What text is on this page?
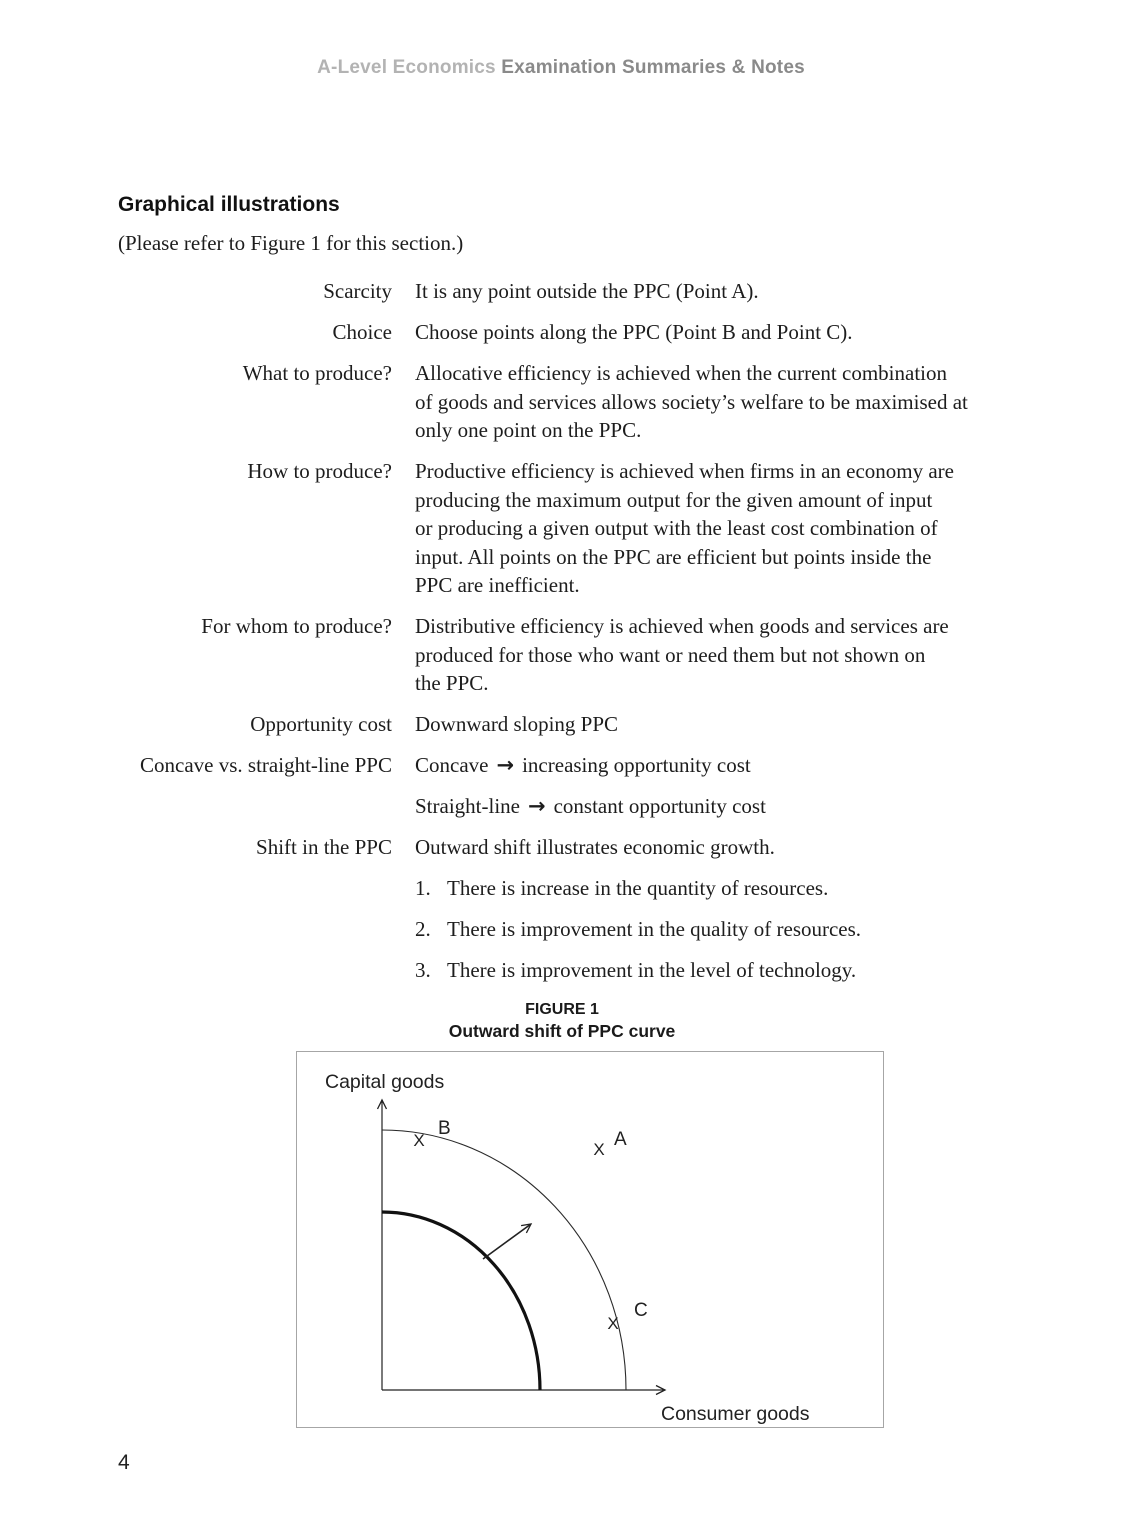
A-Level Economics Examination Summaries & Notes
Graphical illustrations

(Please refer to Figure 1 for this section.)

Scarcity It is any point outside the PPC (Point A).
Choice Choose points along the PPC (Point B and Point C).
What to produce? Allocative efficiency is achieved when the current combination
of goods and services allows society’s welfare to be maximised at
only one point on the PPC.
How to produce? Productive efficiency is achieved when firms in an economy are
producing the maximum output for the given amount of input
or producing a given output with the least cost combination of
input. All points on the PPC are efficient but points inside the
PPC are inefficient.
For whom to produce? Distributive efficiency is achieved when goods and services are
produced for those who want or need them but not shown on
the PPC.
Opportunity cost Downward sloping PPC
Concave vs. straight-line PPC Concave → increasing opportunity cost
Straight-line → constant opportunity cost
Shift in the PPC Outward shift illustrates economic growth.
1. There is increase in the quantity of resources.
2. There is improvement in the quality of resources.
3. There is improvement in the level of technology.
FIGURE 1
Outward shift of PPC curve
Capital goods
Consumer goods
X
B
X A
X
C
4
